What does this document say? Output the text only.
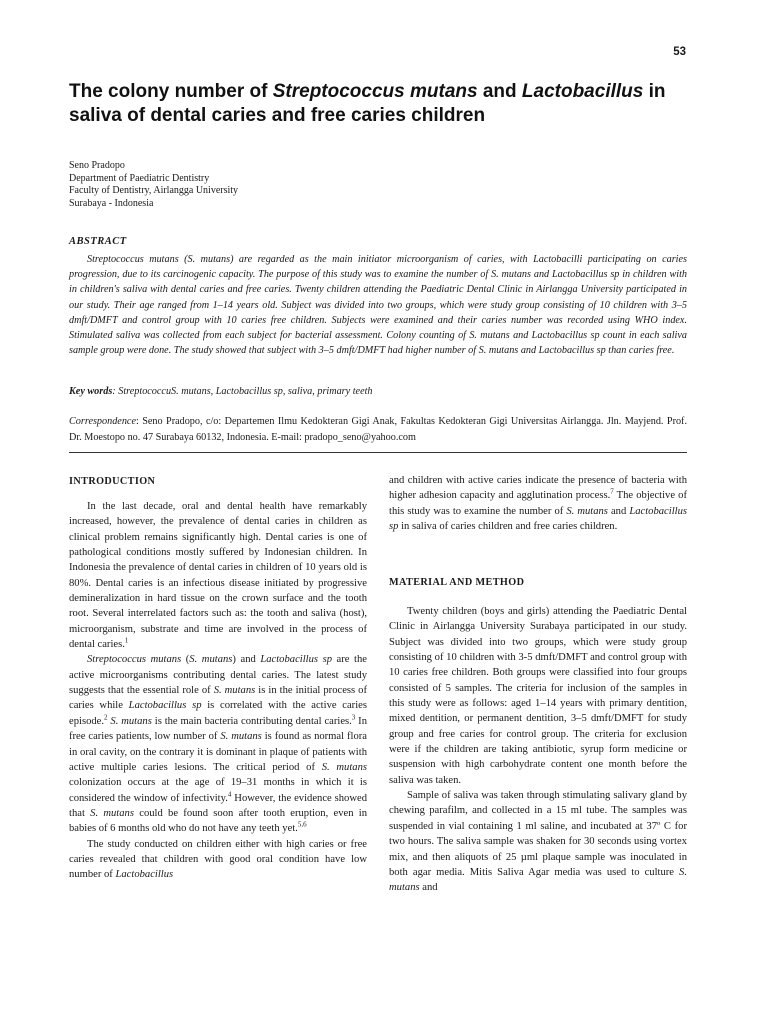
53
The colony number of Streptococcus mutans and Lactobacillus in saliva of dental caries and free caries children
Seno Pradopo
Department of Paediatric Dentistry
Faculty of Dentistry, Airlangga University
Surabaya - Indonesia
ABSTRACT

Streptococcus mutans (S. mutans) are regarded as the main initiator microorganism of caries, with Lactobacilli participating on caries progression, due to its carcinogenic capacity. The purpose of this study was to examine the number of S. mutans and Lactobacillus sp in children with in children's saliva with dental caries and free caries. Twenty children attending the Paediatric Dental Clinic in Airlangga University participated in our study. Their age ranged from 1–14 years old. Subject was divided into two groups, which were study group consisting of 10 children with 3–5 dmft/DMFT and control group with 10 caries free children. Subjects were examined and their caries number was recorded using WHO index. Stimulated saliva was collected from each subject for bacterial assessment. Colony counting of S. mutans and Lactobacillus sp count in each saliva sample group were done. The study showed that subject with 3–5 dmft/DMFT had higher number of S. mutans and Lactobacillus sp than caries free.

Key words: StreptococcuS. mutans, Lactobacillus sp, saliva, primary teeth

Correspondence: Seno Pradopo, c/o: Departemen Ilmu Kedokteran Gigi Anak, Fakultas Kedokteran Gigi Universitas Airlangga. Jln. Mayjend. Prof. Dr. Moestopo no. 47 Surabaya 60132, Indonesia. E-mail: pradopo_seno@yahoo.com

INTRODUCTION

In the last decade, oral and dental health have remarkably increased, however, the prevalence of dental caries in children as clinical problem remains significantly high. Dental caries is one of pathological conditions mostly suffered by Indonesian children. In Indonesia the prevalence of dental caries in children of 10 years old is 80%. Dental caries is an infectious disease initiated by progressive demineralization in hard tissue on the crown surface and the tooth root. Several interrelated factors such as: the tooth and saliva (host), microorganism, substrate and time are involved in the process of dental caries.$^1$

Streptococcus mutans (S. mutans) and Lactobacillus sp are the active microorganisms contributing dental caries. The latest study suggests that the essential role of S. mutans is in the initial process of caries while Lactobacillus sp is correlated with the active caries episode.$^2$ S. mutans is the main bacteria contributing dental caries.$^3$ In free caries patients, low number of S. mutans is found as normal flora in oral cavity, on the contrary it is dominant in plaque of patients with active multiple caries lesions. The critical period of S. mutans colonization occurs at the age of 19–31 months in which it is considered the window of infectivity.$^4$ However, the evidence showed that S. mutans could be found soon after tooth eruption, even in babies of 6 months old who do not have any teeth yet.$^{5,6}$

The study conducted on children either with high caries or free caries revealed that children with good oral condition have low number of Lactobacillus

and children with active caries indicate the presence of bacteria with higher adhesion capacity and agglutination process.$^7$ The objective of this study was to examine the number of S. mutans and Lactobacillus sp in saliva of caries children and free caries children.

MATERIAL AND METHOD

Twenty children (boys and girls) attending the Paediatric Dental Clinic in Airlangga University Surabaya participated in our study. Subject was divided into two groups, which were study group consisting of 10 children with 3-5 dmft/DMFT and control group with 10 caries free children. Both groups were classified into four groups consisted of 5 samples. The criteria for inclusion of the samples in this study were as follows: aged 1–14 years with primary dentition, mixed dentition, or permanent dentition, 3–5 dmft/DMFT for study group and free caries for control group. The criteria for exclusion were if the children are taking antibiotic, syrup form medicine or suspension with high carbohydrate content one month before the saliva was taken.

Sample of saliva was taken through stimulating salivary gland by chewing parafilm, and collected in a 15 ml tube. The samples was suspended in vial containing 1 ml saline, and incubated at 37º C for two hours. The saliva sample was shaken for 30 seconds using vortex mix, and then aliquots of 25 µml plaque sample was inoculated in both agar media. Mitis Saliva Agar media was used to culture S. mutans and
